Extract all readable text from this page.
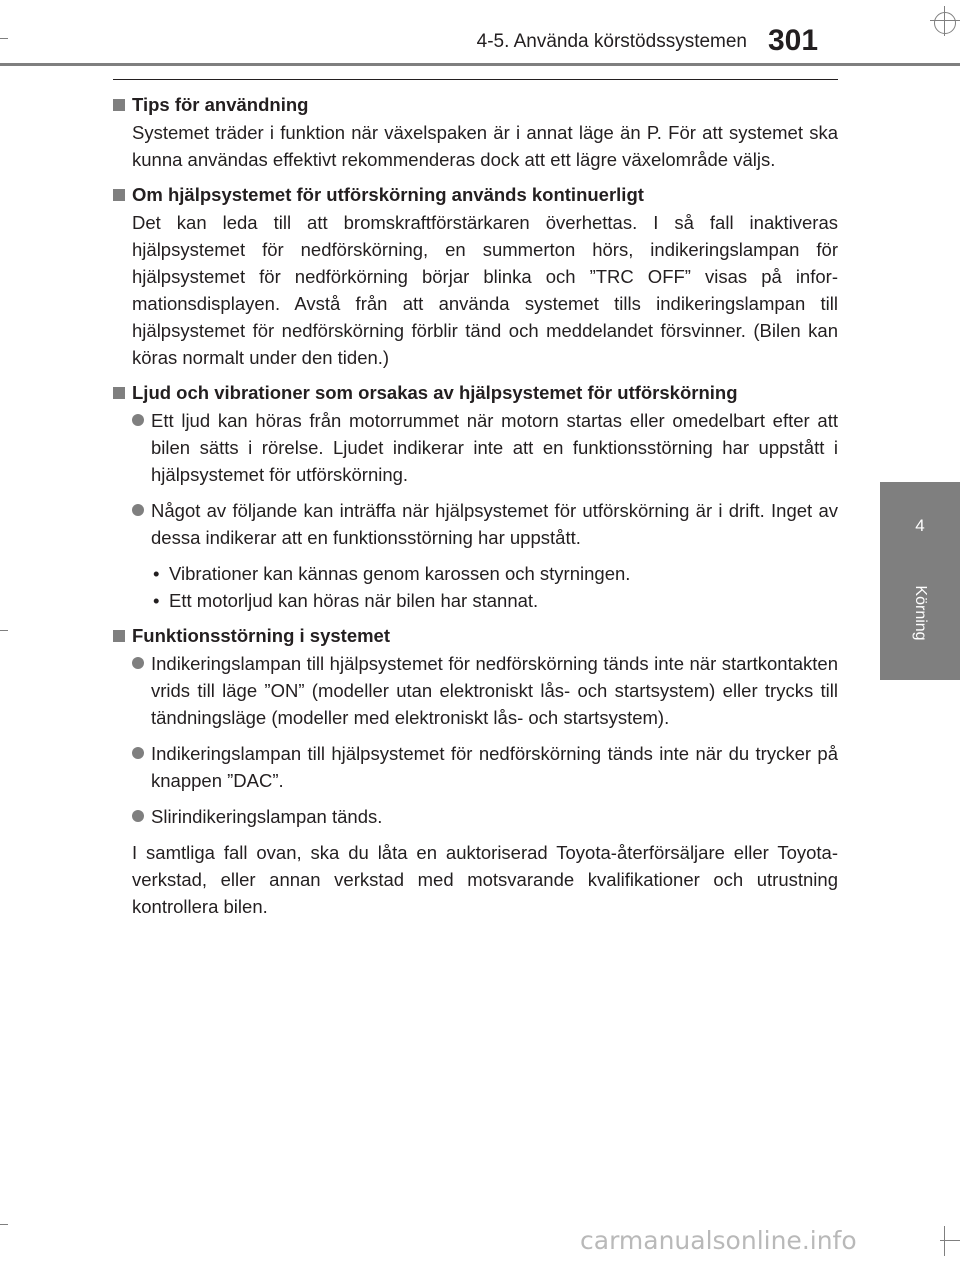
4-5. Använda körstödssystemen 301
4
Körning
Tips för användning
Systemet träder i funktion när växelspaken är i annat läge än P. För att systemet ska kunna användas effektivt rekommenderas dock att ett lägre växelområde väljs.
Om hjälpsystemet för utförskörning används kontinuerligt
Det kan leda till att bromskraftförstärkaren överhettas. I så fall inaktiveras hjälpsystemet för nedförskörning, en summerton hörs, indikeringslampan för hjälpsystemet för nedförkörning börjar blinka och ”TRC OFF” visas på informationsdisplayen. Avstå från att använda systemet tills indikeringslampan till hjälpsystemet för nedförskörning förblir tänd och meddelandet försvinner. (Bilen kan köras normalt under den tiden.)
Ljud och vibrationer som orsakas av hjälpsystemet för utförskörning
Ett ljud kan höras från motorrummet när motorn startas eller omedelbart efter att bilen sätts i rörelse. Ljudet indikerar inte att en funktionsstörning har uppstått i hjälpsystemet för utförskörning.
Något av följande kan inträffa när hjälpsystemet för utförskörning är i drift. Inget av dessa indikerar att en funktionsstörning har uppstått.
• Vibrationer kan kännas genom karossen och styrningen.
• Ett motorljud kan höras när bilen har stannat.
Funktionsstörning i systemet
Indikeringslampan till hjälpsystemet för nedförskörning tänds inte när startkontakten vrids till läge ”ON” (modeller utan elektroniskt lås- och startsystem) eller trycks till tändningsläge (modeller med elektroniskt lås- och startsystem).
Indikeringslampan till hjälpsystemet för nedförskörning tänds inte när du trycker på knappen ”DAC”.
Slirindikeringslampan tänds.
I samtliga fall ovan, ska du låta en auktoriserad Toyota-återförsäljare eller Toyota-verkstad, eller annan verkstad med motsvarande kvalifikationer och utrustning kontrollera bilen.
carmanualsonline.info
